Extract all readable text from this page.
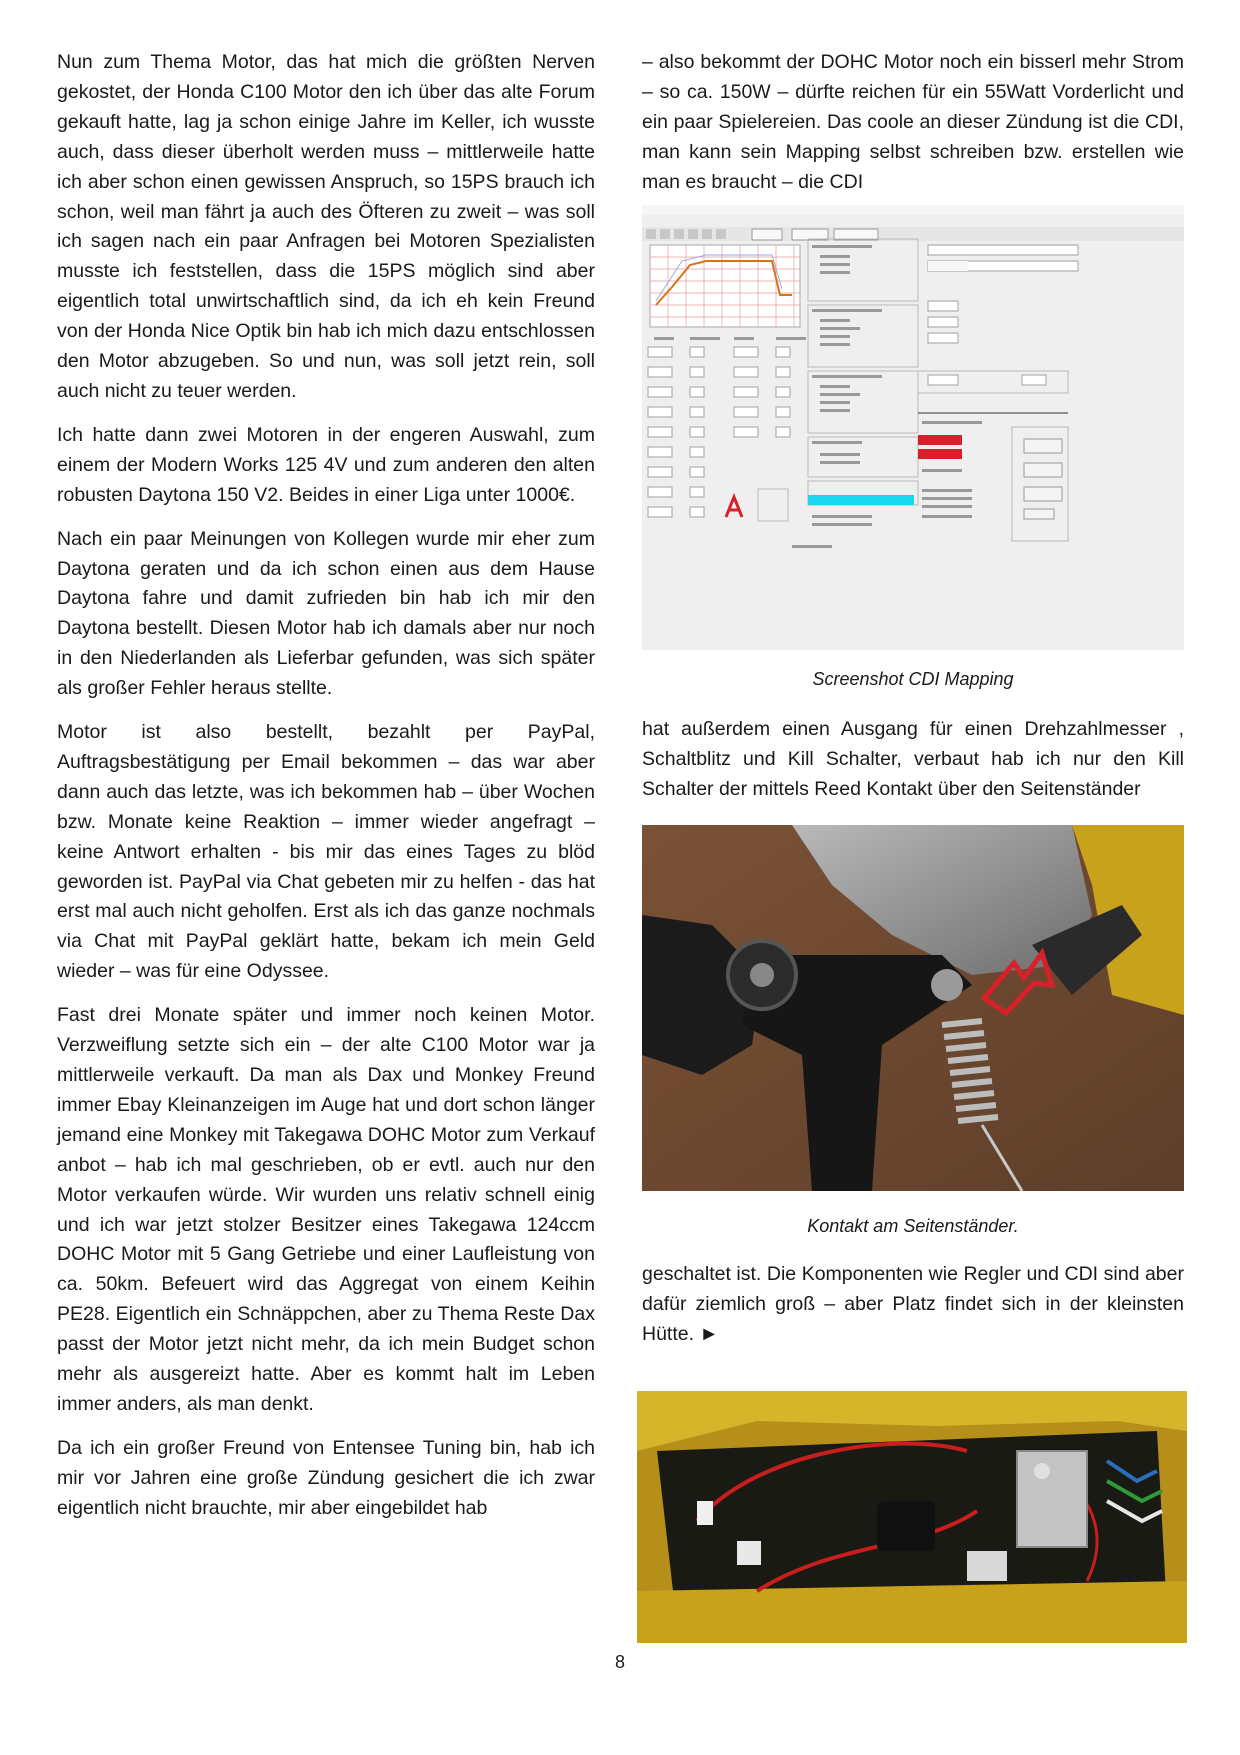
Nun zum Thema Motor, das hat mich die größten Nerven gekostet, der Honda C100 Motor den ich über das alte Forum gekauft hatte, lag ja schon einige Jahre im Keller, ich wusste auch, dass dieser überholt werden muss – mittlerweile hatte ich aber schon einen gewissen Anspruch, so 15PS brauch ich schon, weil man fährt ja auch des Öfteren zu zweit – was soll ich sagen nach ein paar Anfragen bei Motoren Spezialisten musste ich feststellen, dass die 15PS möglich sind aber eigentlich total unwirtschaftlich sind, da ich eh kein Freund von der Honda Nice Optik bin hab ich mich dazu entschlossen den Motor abzugeben. So und nun, was soll jetzt rein, soll auch nicht zu teuer werden.

Ich hatte dann zwei Motoren in der engeren Auswahl, zum einem der Modern Works 125 4V und zum anderen den alten robusten Daytona 150 V2. Beides in einer Liga unter 1000€.

Nach ein paar Meinungen von Kollegen wurde mir eher zum Daytona geraten und da ich schon einen aus dem Hause Daytona fahre und damit zufrieden bin hab ich mir den Daytona bestellt. Diesen Motor hab ich damals aber nur noch in den Niederlanden als Lieferbar gefunden, was sich später als großer Fehler heraus stellte.

Motor ist also bestellt, bezahlt per PayPal, Auftragsbestätigung per Email bekommen – das war aber dann auch das letzte, was ich bekommen hab – über Wochen bzw. Monate keine Reaktion – immer wieder angefragt – keine Antwort erhalten - bis mir das eines Tages zu blöd geworden ist. PayPal via Chat gebeten mir zu helfen - das hat erst mal auch nicht geholfen. Erst als ich das ganze nochmals via Chat mit PayPal geklärt hatte, bekam ich mein Geld wieder – was für eine Odyssee.

Fast drei Monate später und immer noch keinen Motor. Verzweiflung setzte sich ein – der alte C100 Motor war ja mittlerweile verkauft. Da man als Dax und Monkey Freund immer Ebay Kleinanzeigen im Auge hat und dort schon länger jemand eine Monkey mit Takegawa DOHC Motor zum Verkauf anbot – hab ich mal geschrieben, ob er evtl. auch nur den Motor verkaufen würde. Wir wurden uns relativ schnell einig und ich war jetzt stolzer Besitzer eines Takegawa 124ccm DOHC Motor mit 5 Gang Getriebe und einer Laufleistung von ca. 50km. Befeuert wird das Aggregat von einem Keihin PE28. Eigentlich ein Schnäppchen, aber zu Thema Reste Dax passt der Motor jetzt nicht mehr, da ich mein Budget schon mehr als ausgereizt hatte. Aber es kommt halt im Leben immer anders, als man denkt.

Da ich ein großer Freund von Entensee Tuning bin, hab ich mir vor Jahren eine große Zündung gesichert die ich zwar eigentlich nicht brauchte, mir aber eingebildet hab

– also bekommt der DOHC Motor noch ein bisserl mehr Strom – so ca. 150W – dürfte reichen für ein 55Watt Vorderlicht und ein paar Spielereien. Das coole an dieser Zündung ist die CDI, man kann sein Mapping selbst schreiben bzw. erstellen wie man es braucht – die CDI

Screenshot CDI Mapping

hat außerdem einen Ausgang für einen Drehzahlmesser , Schaltblitz und Kill Schalter, verbaut hab ich nur den Kill Schalter der mittels Reed Kontakt über den Seitenständer

Kontakt am Seitenständer.

geschaltet ist. Die Komponenten wie Regler und CDI sind aber dafür ziemlich groß – aber Platz findet sich in der kleinsten Hütte. ►

8
